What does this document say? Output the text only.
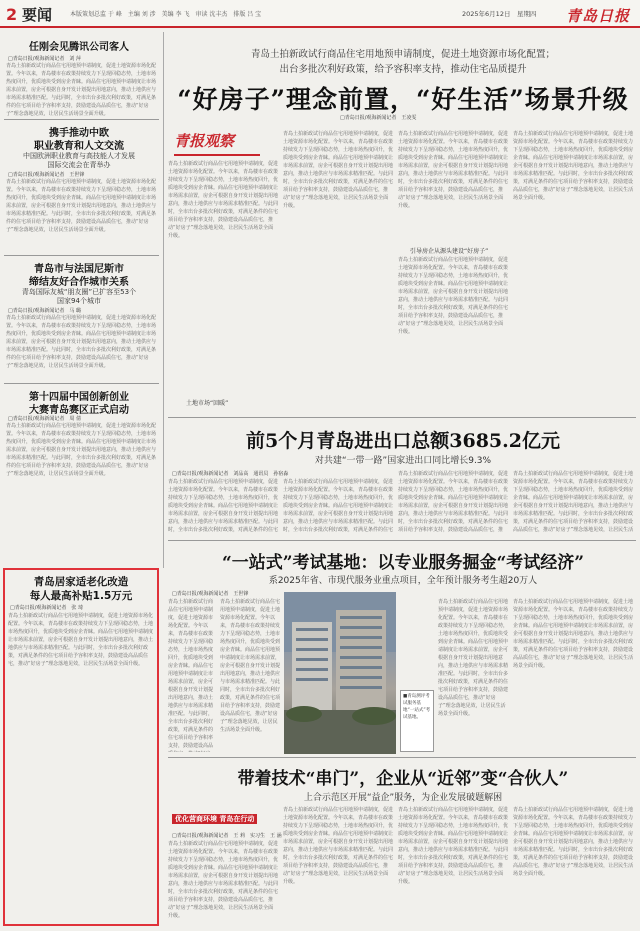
2 要闻	本版策划总监 于 峰　主编 刘 涉　美编 李 飞　审读 沈丰杰　排版 吕 宝	2025年6月12日　星期四 青岛日报
任刚会见腾讯公司客人
□青岛日报/观海新闻记者　刘 萍
青岛土拍新政试行商品住宅用地预申请制度，促进土地资源市场化配置。今年以来，青岛楼市在政策持续发力下呈现回稳态势，土地市场热度回升，优质地块受到房企青睐。商品住宅用地预申请制度让市场需求前置，房企可根据自身开发计划提出用地意向，推动土地供应与市场需求精准匹配。与此同时，全市出台多批次利好政策，对满足条件的住宅项目给予容积率支持，鼓励建设高品质住宅，推动“好房子”理念落地见效，让居民生活场景全面升级。
携手推动中欧
职业教育和人文交流
中国欧洲职业教育与高技能人才发展
国际交流会在青举办
□青岛日报/观海新闻记者　王世锋
青岛土拍新政试行商品住宅用地预申请制度，促进土地资源市场化配置。今年以来，青岛楼市在政策持续发力下呈现回稳态势，土地市场热度回升，优质地块受到房企青睐。商品住宅用地预申请制度让市场需求前置，房企可根据自身开发计划提出用地意向，推动土地供应与市场需求精准匹配。与此同时，全市出台多批次利好政策，对满足条件的住宅项目给予容积率支持，鼓励建设高品质住宅，推动“好房子”理念落地见效，让居民生活场景全面升级。
青岛市与法国尼斯市
缔结友好合作城市关系
青岛国际友城“朋友圈”已扩容至53个
国家94个城市
□青岛日报/观海新闻记者　马 璐
青岛土拍新政试行商品住宅用地预申请制度，促进土地资源市场化配置。今年以来，青岛楼市在政策持续发力下呈现回稳态势，土地市场热度回升，优质地块受到房企青睐。商品住宅用地预申请制度让市场需求前置，房企可根据自身开发计划提出用地意向，推动土地供应与市场需求精准匹配。与此同时，全市出台多批次利好政策，对满足条件的住宅项目给予容积率支持，鼓励建设高品质住宅，推动“好房子”理念落地见效，让居民生活场景全面升级。
第十四届中国创新创业
大赛青岛赛区正式启动
□青岛日报/观海新闻记者　周 倩
青岛土拍新政试行商品住宅用地预申请制度，促进土地资源市场化配置。今年以来，青岛楼市在政策持续发力下呈现回稳态势，土地市场热度回升，优质地块受到房企青睐。商品住宅用地预申请制度让市场需求前置，房企可根据自身开发计划提出用地意向，推动土地供应与市场需求精准匹配。与此同时，全市出台多批次利好政策，对满足条件的住宅项目给予容积率支持，鼓励建设高品质住宅，推动“好房子”理念落地见效，让居民生活场景全面升级。
青岛居家适老化改造
每人最高补贴1.5万元
□青岛日报/观海新闻记者　张 琦
青岛土拍新政试行商品住宅用地预申请制度，促进土地资源市场化配置。今年以来，青岛楼市在政策持续发力下呈现回稳态势，土地市场热度回升，优质地块受到房企青睐。商品住宅用地预申请制度让市场需求前置，房企可根据自身开发计划提出用地意向，推动土地供应与市场需求精准匹配。与此同时，全市出台多批次利好政策，对满足条件的住宅项目给予容积率支持，鼓励建设高品质住宅，推动“好房子”理念落地见效，让居民生活场景全面升级。
青岛土拍新政试行商品住宅用地预申请制度，促进土地资源市场化配置；
出台多批次利好政策，给予容积率支持，推动住宅品质提升
“好房子”理念前置，“好生活”场景升级
□青岛日报/观海新闻记者　王凌雯
青报观察
青岛土拍新政试行商品住宅用地预申请制度，促进土地资源市场化配置。今年以来，青岛楼市在政策持续发力下呈现回稳态势，土地市场热度回升，优质地块受到房企青睐。商品住宅用地预申请制度让市场需求前置，房企可根据自身开发计划提出用地意向，推动土地供应与市场需求精准匹配。与此同时，全市出台多批次利好政策，对满足条件的住宅项目给予容积率支持，鼓励建设高品质住宅，推动“好房子”理念落地见效，让居民生活场景全面升级。
土地市场“回暖”
青岛土拍新政试行商品住宅用地预申请制度，促进土地资源市场化配置。今年以来，青岛楼市在政策持续发力下呈现回稳态势，土地市场热度回升，优质地块受到房企青睐。商品住宅用地预申请制度让市场需求前置，房企可根据自身开发计划提出用地意向，推动土地供应与市场需求精准匹配。与此同时，全市出台多批次利好政策，对满足条件的住宅项目给予容积率支持，鼓励建设高品质住宅，推动“好房子”理念落地见效，让居民生活场景全面升级。
青岛土拍新政试行商品住宅用地预申请制度，促进土地资源市场化配置。今年以来，青岛楼市在政策持续发力下呈现回稳态势，土地市场热度回升，优质地块受到房企青睐。商品住宅用地预申请制度让市场需求前置，房企可根据自身开发计划提出用地意向，推动土地供应与市场需求精准匹配。与此同时，全市出台多批次利好政策，对满足条件的住宅项目给予容积率支持，鼓励建设高品质住宅，推动“好房子”理念落地见效，让居民生活场景全面升级。
引导房企从源头建设“好房子”
青岛土拍新政试行商品住宅用地预申请制度，促进土地资源市场化配置。今年以来，青岛楼市在政策持续发力下呈现回稳态势，土地市场热度回升，优质地块受到房企青睐。商品住宅用地预申请制度让市场需求前置，房企可根据自身开发计划提出用地意向，推动土地供应与市场需求精准匹配。与此同时，全市出台多批次利好政策，对满足条件的住宅项目给予容积率支持，鼓励建设高品质住宅，推动“好房子”理念落地见效，让居民生活场景全面升级。
青岛土拍新政试行商品住宅用地预申请制度，促进土地资源市场化配置。今年以来，青岛楼市在政策持续发力下呈现回稳态势，土地市场热度回升，优质地块受到房企青睐。商品住宅用地预申请制度让市场需求前置，房企可根据自身开发计划提出用地意向，推动土地供应与市场需求精准匹配。与此同时，全市出台多批次利好政策，对满足条件的住宅项目给予容积率支持，鼓励建设高品质住宅，推动“好房子”理念落地见效，让居民生活场景全面升级。
前5个月青岛进出口总额3685.2亿元
对共建“一带一路”国家进出口同比增长9.3%
□青岛日报/观海新闻记者　刘品高　通讯员　孙宿淼
青岛土拍新政试行商品住宅用地预申请制度，促进土地资源市场化配置。今年以来，青岛楼市在政策持续发力下呈现回稳态势，土地市场热度回升，优质地块受到房企青睐。商品住宅用地预申请制度让市场需求前置，房企可根据自身开发计划提出用地意向，推动土地供应与市场需求精准匹配。与此同时，全市出台多批次利好政策，对满足条件的住宅
青岛土拍新政试行商品住宅用地预申请制度，促进土地资源市场化配置。今年以来，青岛楼市在政策持续发力下呈现回稳态势，土地市场热度回升，优质地块受到房企青睐。商品住宅用地预申请制度让市场需求前置，房企可根据自身开发计划提出用地意向，推动土地供应与市场需求精准匹配。与此同时，全市出台多批次利好政策，对满足条件的住宅
青岛土拍新政试行商品住宅用地预申请制度，促进土地资源市场化配置。今年以来，青岛楼市在政策持续发力下呈现回稳态势，土地市场热度回升，优质地块受到房企青睐。商品住宅用地预申请制度让市场需求前置，房企可根据自身开发计划提出用地意向，推动土地供应与市场需求精准匹配。与此同时，全市出台多批次利好政策，对满足条件的住宅项目给予容积率支持，鼓励建设高品质住宅，推
青岛土拍新政试行商品住宅用地预申请制度，促进土地资源市场化配置。今年以来，青岛楼市在政策持续发力下呈现回稳态势，土地市场热度回升，优质地块受到房企青睐。商品住宅用地预申请制度让市场需求前置，房企可根据自身开发计划提出用地意向，推动土地供应与市场需求精准匹配。与此同时，全市出台多批次利好政策，对满足条件的住宅项目给予容积率支持，鼓励建设高品质住宅，推动“好房子”理念落地见效，让居民生活
“一站式”考试基地：以专业服务掘金“考试经济”
系2025年省、市现代服务业重点项目，全年预计服务考生超20万人
□青岛日报/观海新闻记者　王世锋
青岛土拍新政试行商品住宅用地预申请制度，促进土地资源市场化配置。今年以来，青岛楼市在政策持续发力下呈现回稳态势，土地市场热度回升，优质地块受到房企青睐。商品住宅用地预申请制度让市场需求前置，房企可根据自身开发计划提出用地意向，推动土地供应与市场需求精准匹配。与此同时，全市出台多批次利好政策，对满足条件的住宅项目给予容积率支持，鼓励建设高品
青岛土拍新政试行商品住宅用地预申请制度，促进土地资源市场化配置。今年以来，青岛楼市在政策持续发力下呈现回稳态势，土地市场热度回升，优质地块受到房企青睐。商品住宅用地预申请制度让市场需求前置，房企可根据自身开发计划提出用地意向，推动土地供应与市场需求精准匹配。与此同时，全市出台多批次利好政策，对满足条件的住宅项目给予容积率支持，鼓励建设高品质住宅，推动“好房子”理念落地见效，让居民生活场景全面升级。
■青岛测评考试服务基地“一站式”考试基地。
青岛土拍新政试行商品住宅用地预申请制度，促进土地资源市场化配置。今年以来，青岛楼市在政策持续发力下呈现回稳态势，土地市场热度回升，优质地块受到房企青睐。商品住宅用地预申请制度让市场需求前置，房企可根据自身开发计划提出用地意向，推动土地供应与市场需求精准匹配。与此同时，全市出台多批次利好政策，对满足条件的住宅项目给予容积率支持，鼓励建设高品质住宅，推动“好房子”理念落地见效，让居民生活场景全面升级。
青岛土拍新政试行商品住宅用地预申请制度，促进土地资源市场化配置。今年以来，青岛楼市在政策持续发力下呈现回稳态势，土地市场热度回升，优质地块受到房企青睐。商品住宅用地预申请制度让市场需求前置，房企可根据自身开发计划提出用地意向，推动土地供应与市场需求精准匹配。与此同时，全市出台多批次利好政策，对满足条件的住宅项目给予容积率支持，鼓励建设高品质住宅，推动“好房子”理念落地见效，让居民生活场景全面升级。
带着技术“串门”，企业从“近邻”变“合伙人”
上合示范区开展“益企”服务，为企业发展破题解困
优化营商环境 青岛在行动
□青岛日报/观海新闻记者　王 莉　实习生　王 涵
青岛土拍新政试行商品住宅用地预申请制度，促进土地资源市场化配置。今年以来，青岛楼市在政策持续发力下呈现回稳态势，土地市场热度回升，优质地块受到房企青睐。商品住宅用地预申请制度让市场需求前置，房企可根据自身开发计划提出用地意向，推动土地供应与市场需求精准匹配。与此同时，全市出台多批次利好政策，对满足条件的住宅项目给予容积率支持，鼓励建设高品质住宅，推动“好房子”理念落地见效，让居民生活场景全面升级。
青岛土拍新政试行商品住宅用地预申请制度，促进土地资源市场化配置。今年以来，青岛楼市在政策持续发力下呈现回稳态势，土地市场热度回升，优质地块受到房企青睐。商品住宅用地预申请制度让市场需求前置，房企可根据自身开发计划提出用地意向，推动土地供应与市场需求精准匹配。与此同时，全市出台多批次利好政策，对满足条件的住宅项目给予容积率支持，鼓励建设高品质住宅，推动“好房子”理念落地见效，让居民生活场景全面升级。
青岛土拍新政试行商品住宅用地预申请制度，促进土地资源市场化配置。今年以来，青岛楼市在政策持续发力下呈现回稳态势，土地市场热度回升，优质地块受到房企青睐。商品住宅用地预申请制度让市场需求前置，房企可根据自身开发计划提出用地意向，推动土地供应与市场需求精准匹配。与此同时，全市出台多批次利好政策，对满足条件的住宅项目给予容积率支持，鼓励建设高品质住宅，推动“好房子”理念落地见效，让居民生活场景全面升级。
青岛土拍新政试行商品住宅用地预申请制度，促进土地资源市场化配置。今年以来，青岛楼市在政策持续发力下呈现回稳态势，土地市场热度回升，优质地块受到房企青睐。商品住宅用地预申请制度让市场需求前置，房企可根据自身开发计划提出用地意向，推动土地供应与市场需求精准匹配。与此同时，全市出台多批次利好政策，对满足条件的住宅项目给予容积率支持，鼓励建设高品质住宅，推动“好房子”理念落地见效，让居民生活场景全面升级。
